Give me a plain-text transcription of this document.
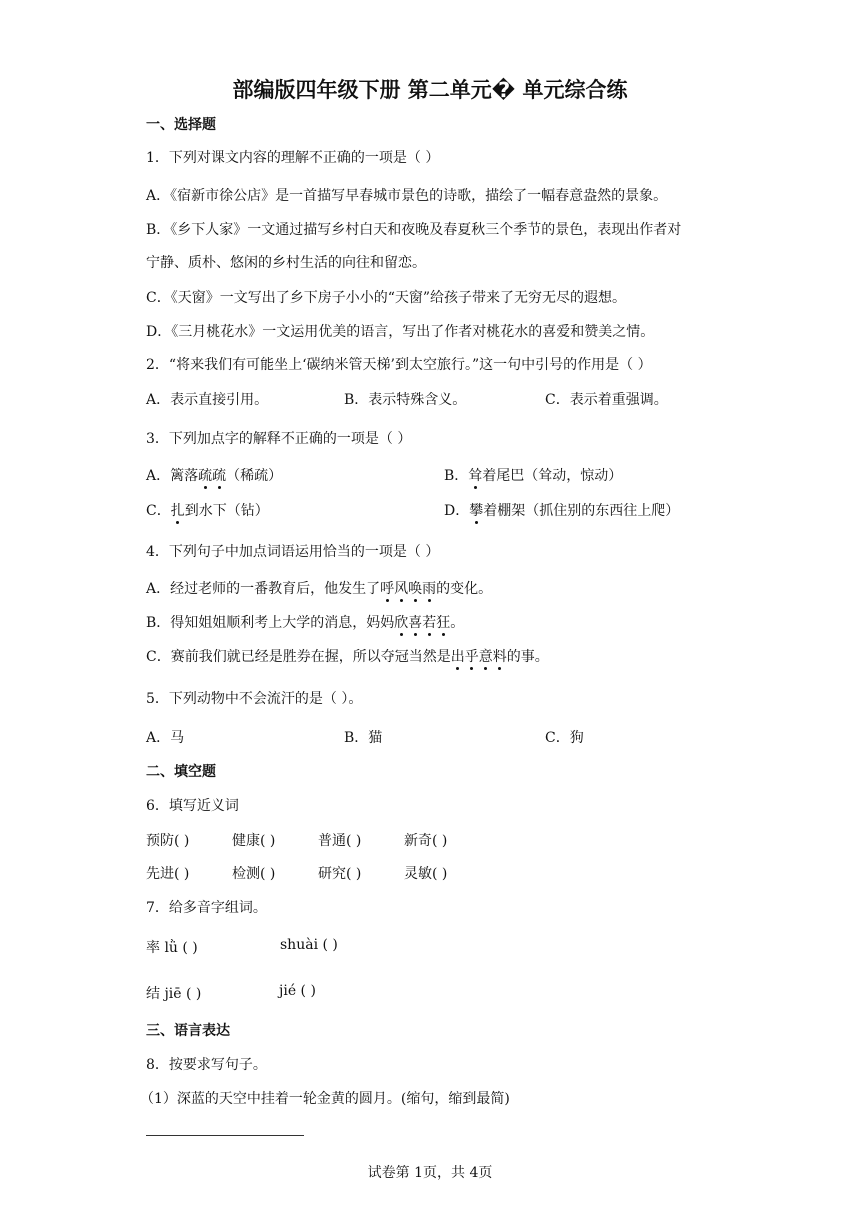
部编版四年级下册 第二单元� 单元综合练
一、选择题
1．下列对课文内容的理解不正确的一项是（ ）
A．《宿新市徐公店》是一首描写早春城市景色的诗歌，描绘了一幅春意盎然的景象。
B．《乡下人家》一文通过描写乡村白天和夜晚及春夏秋三个季节的景色，表现出作者对
宁静、质朴、悠闲的乡村生活的向往和留恋。
C．《天窗》一文写出了乡下房子小小的“天窗”给孩子带来了无穷无尽的遐想。
D．《三月桃花水》一文运用优美的语言，写出了作者对桃花水的喜爱和赞美之情。
2．“将来我们有可能坐上‘碳纳米管天梯’到太空旅行。”这一句中引号的作用是（ ）
A．表示直接引用。	B．表示特殊含义。	C．表示着重强调。
3．下列加点字的解释不正确的一项是（ ）
A．篱落疏疏（稀疏）	B．耸着尾巴（耸动，惊动）
C．扎到水下（钻）	D．攀着棚架（抓住别的东西往上爬）
4．下列句子中加点词语运用恰当的一项是（ ）
A．经过老师的一番教育后，他发生了呼风唤雨的变化。
B．得知姐姐顺利考上大学的消息，妈妈欣喜若狂。
C．赛前我们就已经是胜券在握，所以夺冠当然是出乎意料的事。
5．下列动物中不会流汗的是（ ）。
A．马	B．猫	C．狗
二、填空题
6．填写近义词
预防( )	健康( )	普通( )	新奇( )
先进( )	检测( )	研究( )	灵敏( )
7．给多音字组词。
率 lǜ ( )	shuài ( )
结 jiē ( )	jié ( )
三、语言表达
8．按要求写句子。
（1）深蓝的天空中挂着一轮金黄的圆月。(缩句，缩到最简)
试卷第 1页，共 4页
